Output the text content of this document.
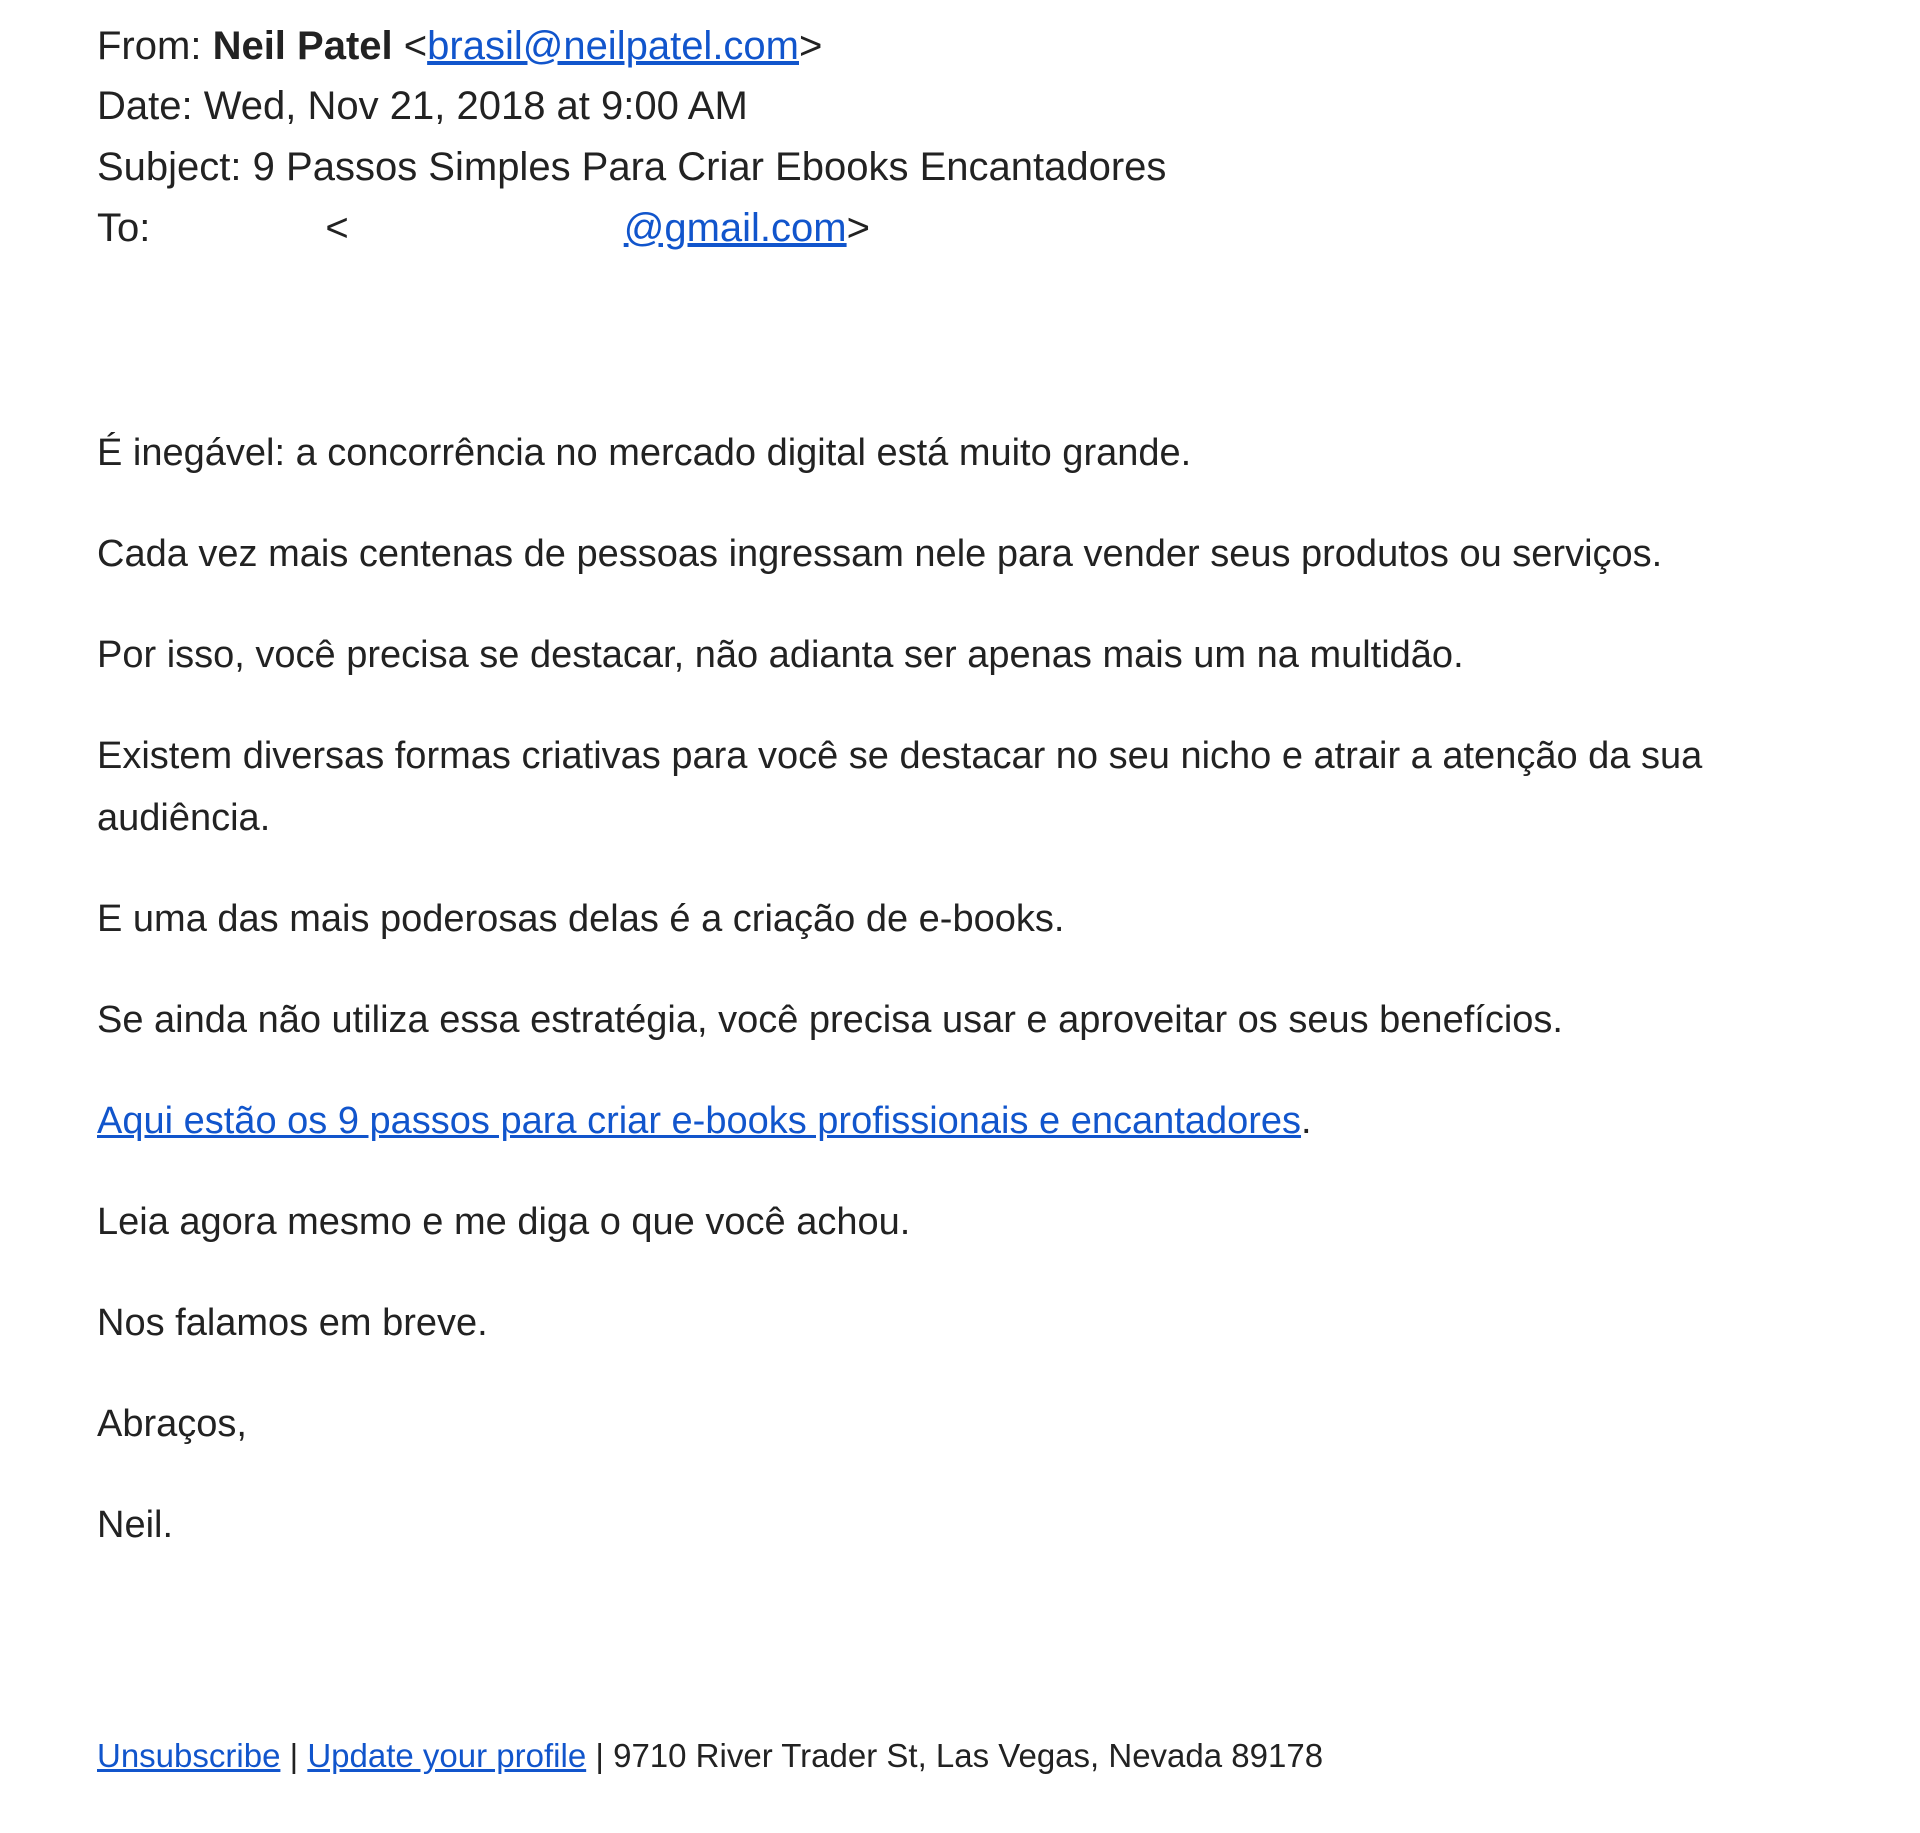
From: Neil Patel <brasil@neilpatel.com>
Date: Wed, Nov 21, 2018 at 9:00 AM
Subject: 9 Passos Simples Para Criar Ebooks Encantadores
To:	<	@gmail.com>

É inegável: a concorrência no mercado digital está muito grande.

Cada vez mais centenas de pessoas ingressam nele para vender seus produtos ou serviços.

Por isso, você precisa se destacar, não adianta ser apenas mais um na multidão.

Existem diversas formas criativas para você se destacar no seu nicho e atrair a atenção da sua audiência.

E uma das mais poderosas delas é a criação de e-books.

Se ainda não utiliza essa estratégia, você precisa usar e aproveitar os seus benefícios.

Aqui estão os 9 passos para criar e-books profissionais e encantadores.

Leia agora mesmo e me diga o que você achou.

Nos falamos em breve.

Abraços,

Neil.

Unsubscribe | Update your profile | 9710 River Trader St, Las Vegas, Nevada 89178
